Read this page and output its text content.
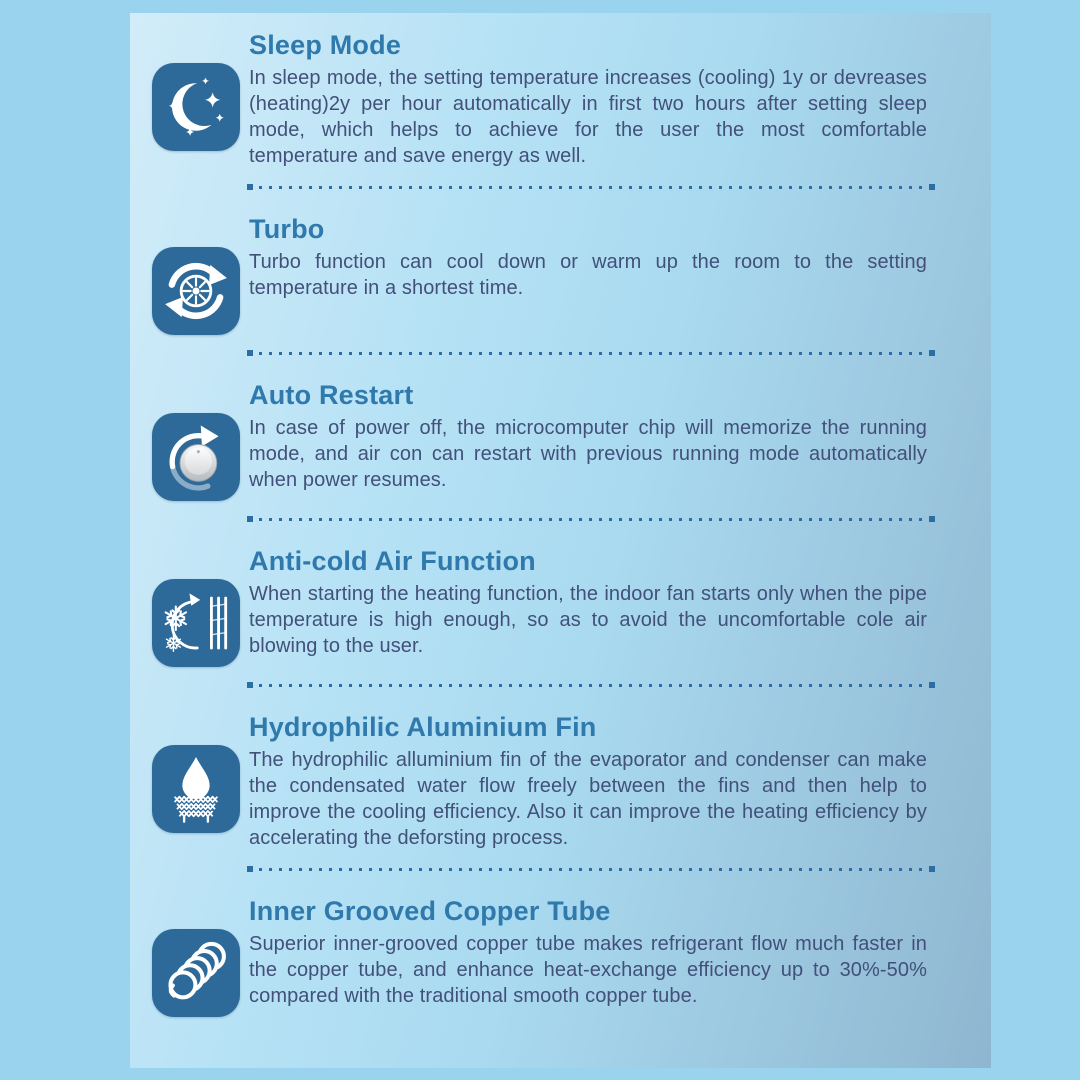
Sleep Mode
In sleep mode, the setting temperature increases (cooling) 1y or devreases (heating)2y per hour automatically in first two hours after setting sleep mode, which helps to achieve for the user the most comfortable temperature and save energy as well.
Turbo
Turbo function can cool down or warm up the room to the setting temperature in a shortest time.
Auto Restart
In case of power off, the microcomputer chip will memorize the running mode, and air con can restart with previous running mode automatically when power resumes.
Anti-cold Air Function
When starting the heating function, the indoor fan starts only when the pipe temperature is high enough, so as to avoid the uncomfortable cole air blowing to the user.
Hydrophilic Aluminium Fin
The hydrophilic alluminium fin of the evaporator and condenser can make the condensated water flow freely between the fins and then help to improve the cooling efficiency. Also it can improve the heating efficiency by accelerating the deforsting process.
Inner Grooved Copper Tube
Superior inner-grooved copper tube makes refrigerant flow much faster in the copper tube, and enhance heat-exchange efficiency up to 30%-50% compared with the traditional smooth copper tube.
